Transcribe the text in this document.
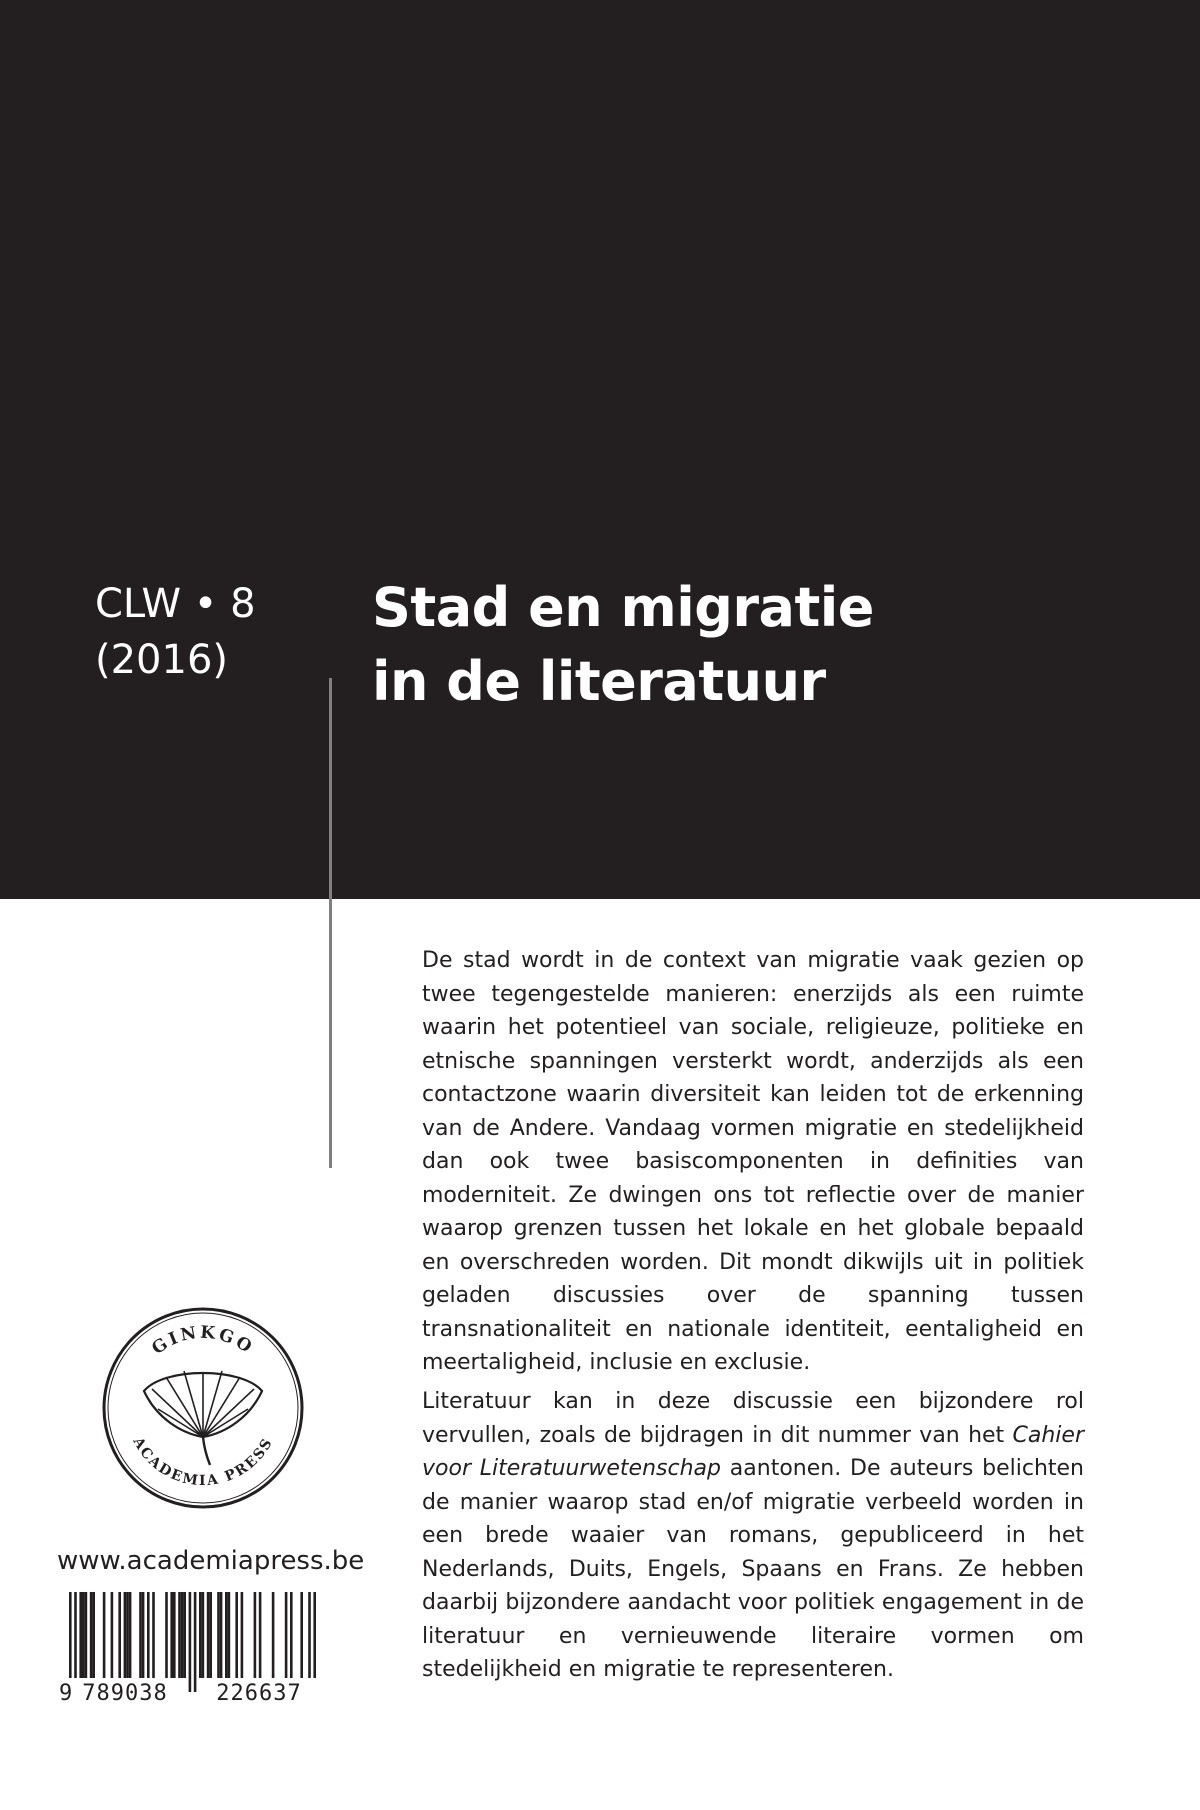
CLW • 8
(2016)
Stad en migratie
in de literatuur

De stad wordt in de context van migratie vaak gezien op twee tegengestelde manieren: enerzijds als een ruimte waarin het potentieel van sociale, religieuze, politieke en etnische spanningen versterkt wordt, anderzijds als een contactzone waarin diversiteit kan leiden tot de erkenning van de Andere. Vandaag vormen migratie en stedelijkheid dan ook twee basiscomponenten in definities van moderniteit. Ze dwingen ons tot reflectie over de manier waarop grenzen tussen het lokale en het globale bepaald en overschreden worden. Dit mondt dikwijls uit in politiek geladen discussies over de spanning tussen transnationaliteit en nationale identiteit, eentaligheid en meertaligheid, inclusie en exclusie.

Literatuur kan in deze discussie een bijzondere rol vervullen, zoals de bijdragen in dit nummer van het Cahier voor Literatuurwetenschap aantonen. De auteurs belichten de manier waarop stad en/of migratie verbeeld worden in een brede waaier van romans, gepubliceerd in het Nederlands, Duits, Engels, Spaans en Frans. Ze hebben daarbij bijzondere aandacht voor politiek engagement in de literatuur en vernieuwende literaire vormen om stedelijkheid en migratie te representeren.

GINKGO
ACADEMIA PRESS
www.academiapress.be
9 789038 226637
